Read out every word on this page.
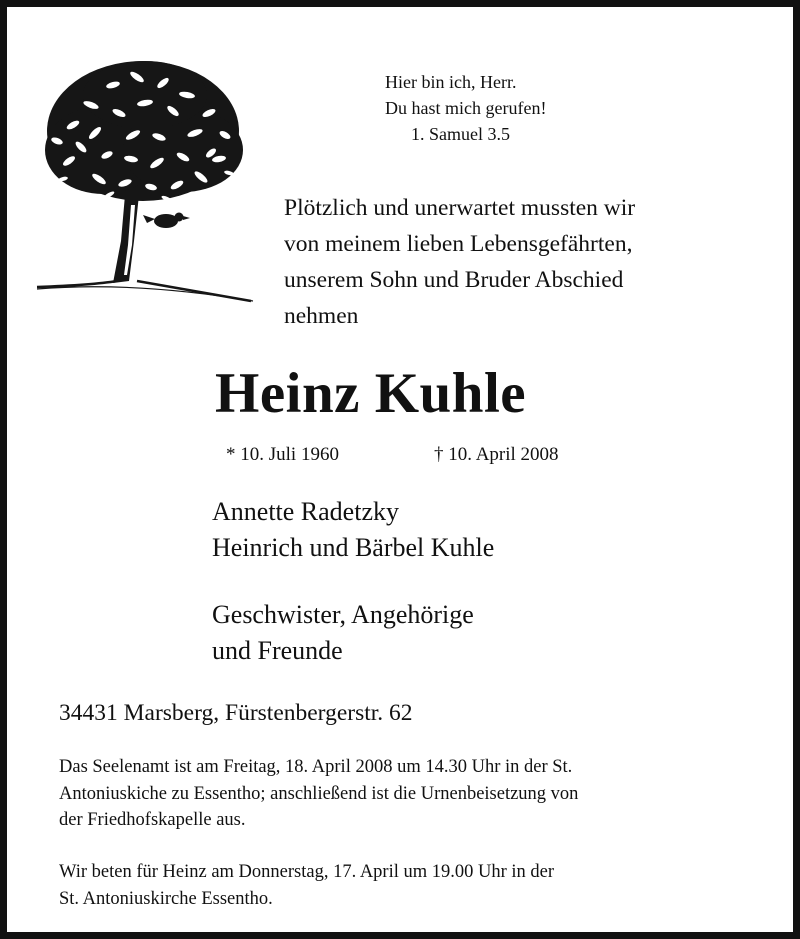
Hier bin ich, Herr.
Du hast mich gerufen!
1. Samuel 3.5
Plötzlich und unerwartet mussten wir
von meinem lieben Lebensgefährten,
unserem Sohn und Bruder Abschied
nehmen
Heinz Kuhle
* 10. Juli 1960	† 10. April 2008
Annette Radetzky
Heinrich und Bärbel Kuhle
Geschwister, Angehörige
und Freunde
34431 Marsberg, Fürstenbergerstr. 62
Das Seelenamt ist am Freitag, 18. April 2008 um 14.30 Uhr in der St.
Antoniuskiche zu Essentho; anschließend ist die Urnenbeisetzung von
der Friedhofskapelle aus.
Wir beten für Heinz am Donnerstag, 17. April um 19.00 Uhr in der
St. Antoniuskirche Essentho.
